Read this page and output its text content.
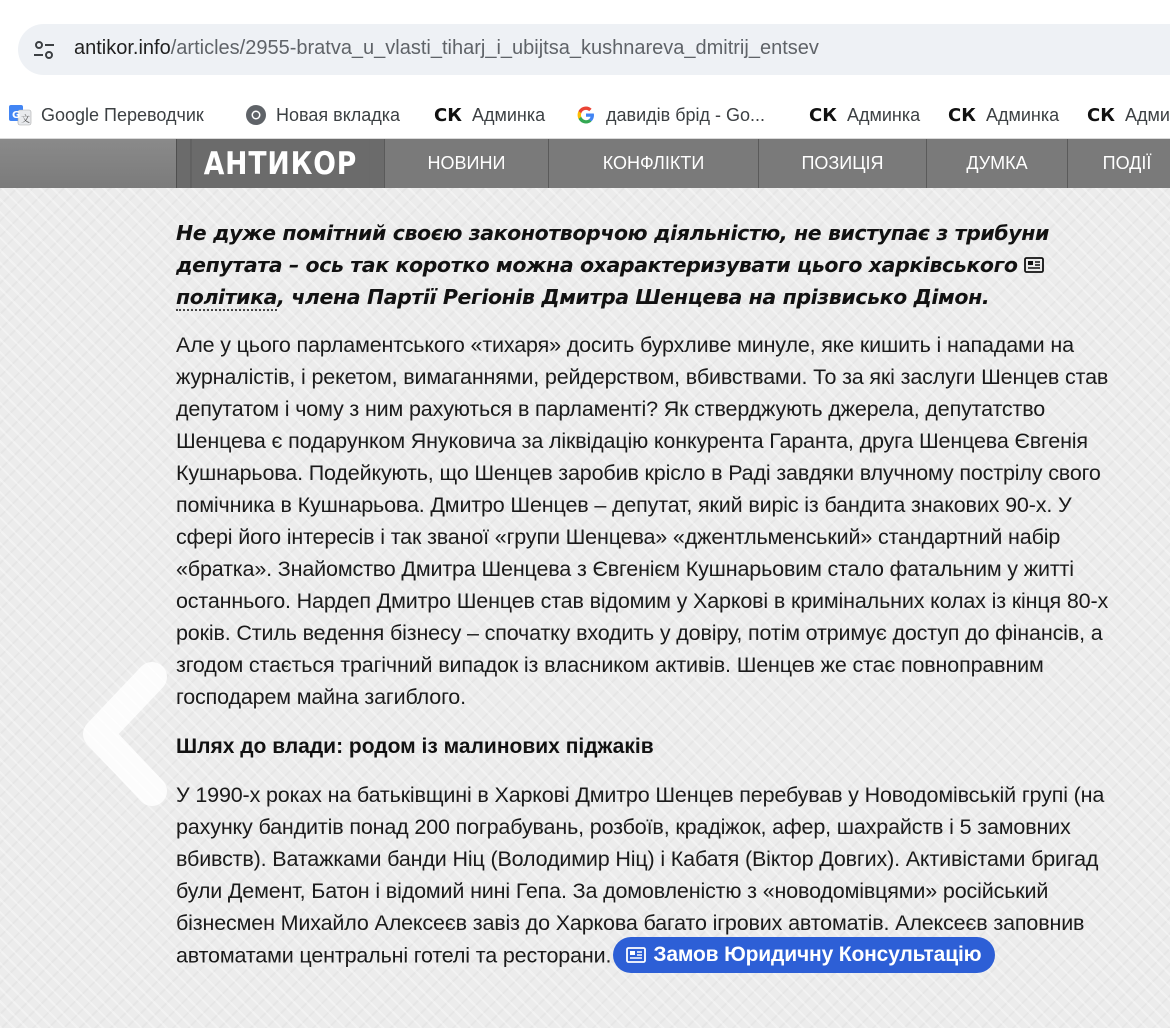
antikor.info/articles/2955-bratva_u_vlasti_tiharj_i_ubijtsa_kushnareva_dmitrij_entsev
G 文 Google Переводчик	Новая вкладка СК Админка	давидів брід - Go... СК Админка СК Админка СК Адми
АНТИКОР	НОВИНИ	КОНФЛІКТИ	ПОЗИЦІЯ	ДУМКА	ПОДІЇ

Не дуже помітний своєю законотворчою діяльністю, не виступає з трибуни депутата – ось так коротко можна охарактеризувати цього харківського  політика, члена Партії Регіонів Дмитра Шенцева на прізвисько Дімон.

Але у цього парламентського «тихаря» досить бурхливе минуле, яке кишить і нападами на журналістів, і рекетом, вимаганнями, рейдерством, вбивствами. То за які заслуги Шенцев став депутатом і чому з ним рахуються в парламенті? Як стверджують джерела, депутатство Шенцева є подарунком Януковича за ліквідацію конкурента Гаранта, друга Шенцева Євгенія Кушнарьова. Подейкують, що Шенцев заробив крісло в Раді завдяки влучному пострілу свого помічника в Кушнарьова. Дмитро Шенцев – депутат, який виріс із бандита знакових 90-х. У сфері його інтересів і так званої «групи Шенцева» «джентльменський» стандартний набір «братка». Знайомство Дмитра Шенцева з Євгенієм Кушнарьовим стало фатальним у житті останнього. Нардеп Дмитро Шенцев став відомим у Харкові в кримінальних колах із кінця 80-х років. Стиль ведення бізнесу – спочатку входить у довіру, потім отримує доступ до фінансів, а згодом стається трагічний випадок із власником активів. Шенцев же стає повноправним господарем майна загиблого.

Шлях до влади: родом із малинових піджаків

У 1990-х роках на батьківщині в Харкові Дмитро Шенцев перебував у Новодомівській групі (на рахунку бандитів понад 200 пограбувань, розбоїв, крадіжок, афер, шахрайств і 5 замовних вбивств). Ватажками банди Ніц (Володимир Ніц) і Кабатя (Віктор Довгих). Активістами бригад були Демент, Батон і відомий нині Гепа. За домовленістю з «новодомівцями» російський бізнесмен Михайло Алексеєв завіз до Харкова багато ігрових автоматів. Алексеєв заповнив автоматами центральні готелі та ресторани. Замов Юридичну Консультацію
